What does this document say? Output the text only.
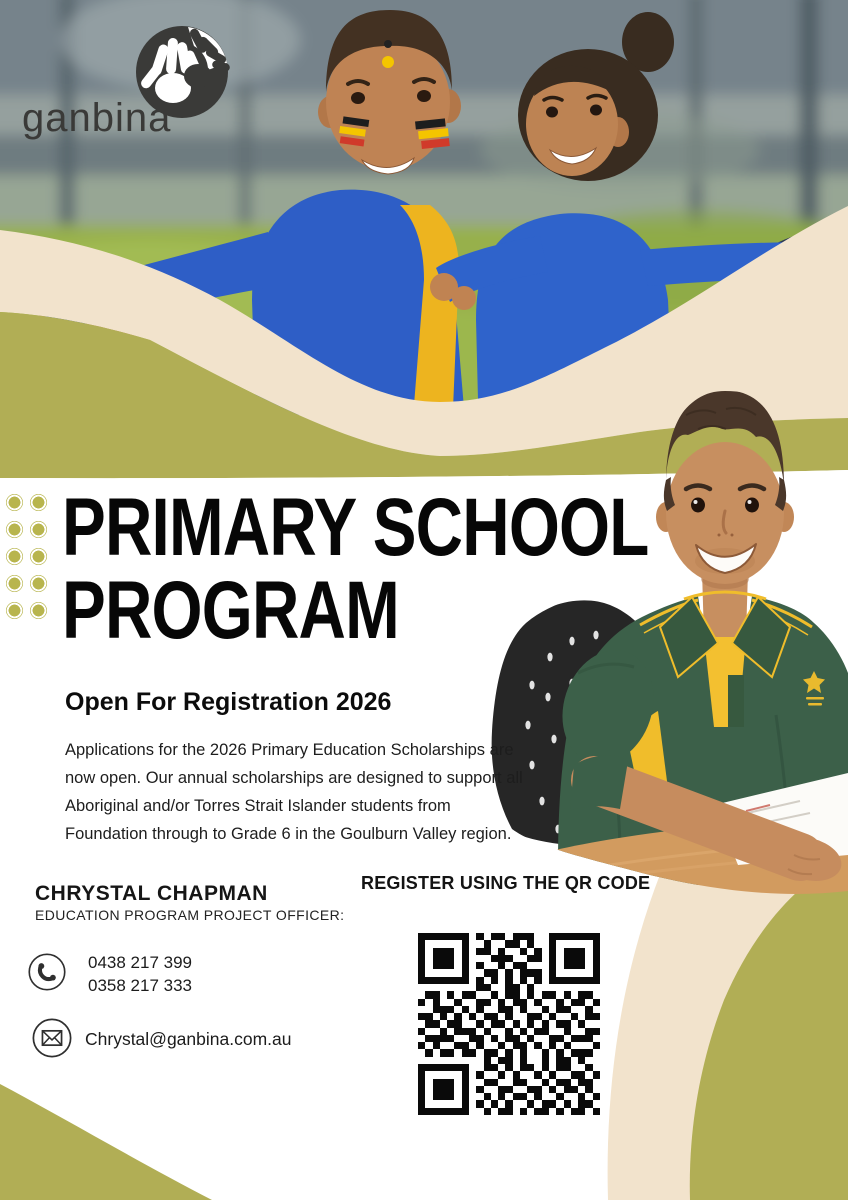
ganbina
PRIMARY SCHOOL
PROGRAM
Open For Registration 2026
Applications for the 2026 Primary Education Scholarships are now open. Our annual scholarships are designed to support all Aboriginal and/or Torres Strait Islander students from Foundation through to Grade 6 in the Goulburn Valley region.
CHRYSTAL CHAPMAN
EDUCATION PROGRAM PROJECT OFFICER:
0438 217 399
0358 217 333
Chrystal@ganbina.com.au
REGISTER USING THE QR CODE
